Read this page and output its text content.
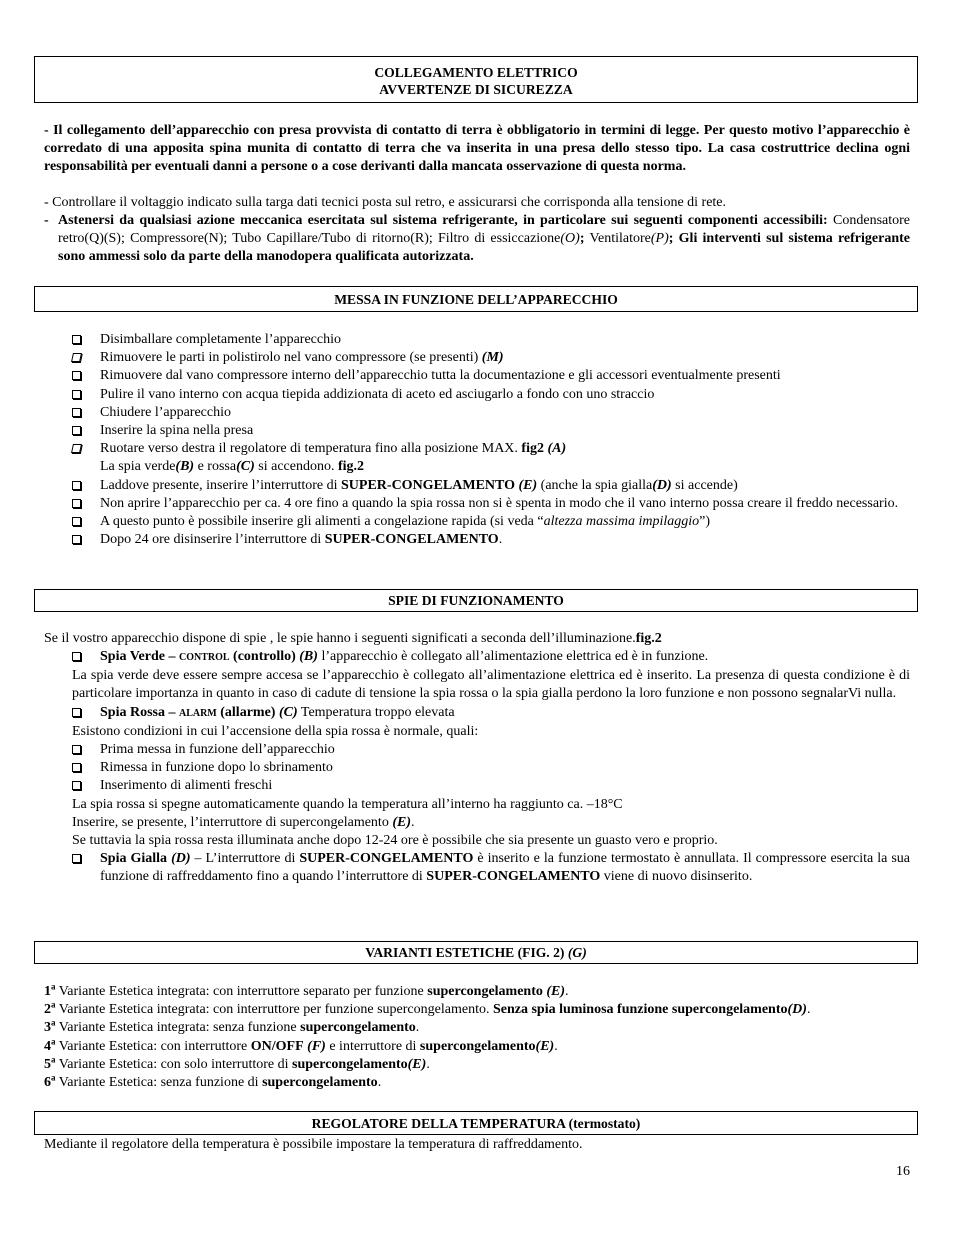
COLLEGAMENTO ELETTRICO
AVVERTENZE DI SICUREZZA
- Il collegamento dell’apparecchio con presa provvista di contatto di terra è obbligatorio in termini di legge. Per questo motivo l’apparecchio è corredato di una apposita spina munita di contatto di terra che va inserita in una presa dello stesso tipo. La casa costruttrice declina ogni responsabilità per eventuali danni a persone o a cose derivanti dalla mancata osservazione di questa norma.
- Controllare il voltaggio indicato sulla targa dati tecnici posta sul retro, e assicurarsi che corrisponda alla tensione di rete.
- Astenersi da qualsiasi azione meccanica esercitata sul sistema refrigerante, in particolare sui seguenti componenti accessibili: Condensatore retro(Q)(S); Compressore(N); Tubo Capillare/Tubo di ritorno(R); Filtro di essiccazione(O); Ventilatore(P); Gli interventi sul sistema refrigerante sono ammessi solo da parte della manodopera qualificata autorizzata.
MESSA IN FUNZIONE DELL’APPARECCHIO
Disimballare completamente l’apparecchio
Rimuovere le parti in polistirolo nel vano compressore (se presenti) (M)
Rimuovere dal vano compressore interno dell’apparecchio tutta la documentazione e gli accessori eventualmente presenti
Pulire il vano interno con acqua tiepida addizionata di aceto ed asciugarlo a fondo con uno straccio
Chiudere l’apparecchio
Inserire la spina nella presa
Ruotare verso destra il regolatore di temperatura fino alla posizione MAX. fig2 (A)
La spia verde(B) e rossa(C) si accendono. fig.2
Laddove presente, inserire l’interruttore di SUPER-CONGELAMENTO (E) (anche la spia gialla(D) si accende)
Non aprire l’apparecchio per ca. 4 ore fino a quando la spia rossa non si è spenta in modo che il vano interno possa creare il freddo necessario.
A questo punto è possibile inserire gli alimenti a congelazione rapida (si veda “altezza massima impilaggio”)
Dopo 24 ore disinserire l’interruttore di SUPER-CONGELAMENTO.
SPIE DI FUNZIONAMENTO
Se il vostro apparecchio dispone di spie , le spie hanno i seguenti significati a seconda dell’illuminazione.fig.2
Spia Verde – CONTROL (controllo) (B) l’apparecchio è collegato all’alimentazione elettrica ed è in funzione.
La spia verde deve essere sempre accesa se l’apparecchio è collegato all’alimentazione elettrica ed è inserito. La presenza di questa condizione è di particolare importanza in quanto in caso di cadute di tensione la spia rossa o la spia gialla perdono la loro funzione e non possono segnalarVi nulla.
Spia Rossa – ALARM (allarme) (C) Temperatura troppo elevata
Esistono condizioni in cui l’accensione della spia rossa è normale, quali:
Prima messa in funzione dell’apparecchio
Rimessa in funzione dopo lo sbrinamento
Inserimento di alimenti freschi
La spia rossa si spegne automaticamente quando la temperatura all’interno ha raggiunto ca. –18°C
Inserire, se presente, l’interruttore di supercongelamento (E).
Se tuttavia la spia rossa resta illuminata anche dopo 12-24 ore è possibile che sia presente un guasto vero e proprio.
Spia Gialla (D) – L’interruttore di SUPER-CONGELAMENTO è inserito e la funzione termostato è annullata. Il compressore esercita la sua funzione di raffreddamento fino a quando l’interruttore di SUPER-CONGELAMENTO viene di nuovo disinserito.
VARIANTI ESTETICHE (FIG. 2) (G)
1$^a$ Variante Estetica integrata: con interruttore separato per funzione supercongelamento (E).
2$^a$ Variante Estetica integrata: con interruttore per funzione supercongelamento. Senza spia luminosa funzione supercongelamento(D).
3$^a$ Variante Estetica integrata: senza funzione supercongelamento.
4$^a$ Variante Estetica: con interruttore ON/OFF (F) e interruttore di supercongelamento(E).
5$^a$ Variante Estetica: con solo interruttore di supercongelamento(E).
6$^a$ Variante Estetica: senza funzione di supercongelamento.
REGOLATORE DELLA TEMPERATURA (termostato)
Mediante il regolatore della temperatura è possibile impostare la temperatura di raffreddamento.
16
